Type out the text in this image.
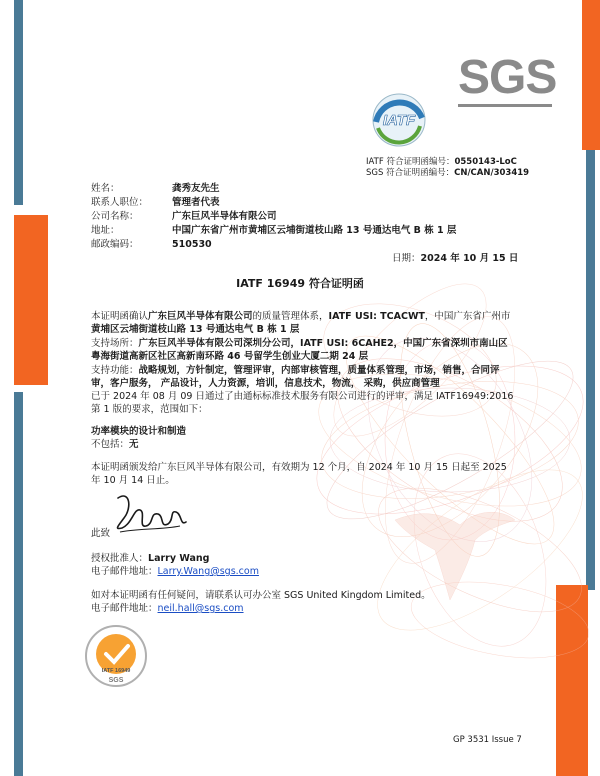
SGS
IATF
IATF 符合证明函编号：0550143-LoC
SGS 符合证明函编号：CN/CAN/303419
姓名：	龚秀友先生
联系人职位：	管理者代表
公司名称：	广东巨风半导体有限公司
地址：	中国广东省广州市黄埔区云埔街道枝山路 13 号通达电气 B 栋 1 层
邮政编码：	510530
日期：2024 年 10 月 15 日
IATF 16949 符合证明函
本证明函确认广东巨风半导体有限公司的质量管理体系，IATF USI: TCACWT，中国广东省广州市
黄埔区云埔街道枝山路 13 号通达电气 B 栋 1 层
支持场所：广东巨风半导体有限公司深圳分公司，IATF USI: 6CAHE2，中国广东省深圳市南山区
粤海街道高新区社区高新南环路 46 号留学生创业大厦二期 24 层
支持功能：战略规划，方针制定，管理评审，内部审核管理，质量体系管理，市场，销售，合同评
审，客户服务， 产品设计，人力资源，培训，信息技术，物流， 采购，供应商管理
已于 2024 年 08 月 09 日通过了由通标标准技术服务有限公司进行的评审，满足 IATF16949:2016
第 1 版的要求，范围如下：
功率模块的设计和制造
不包括：无
本证明函颁发给广东巨风半导体有限公司，有效期为 12 个月，自 2024 年 10 月 15 日起至 2025
年 10 月 14 日止。
此致
授权批准人：Larry Wang
电子邮件地址：Larry.Wang@sgs.com
如对本证明函有任何疑问，请联系认可办公室 SGS United Kingdom Limited。
电子邮件地址：neil.hall@sgs.com
IATF 16949
SGS
GP 3531 Issue 7
